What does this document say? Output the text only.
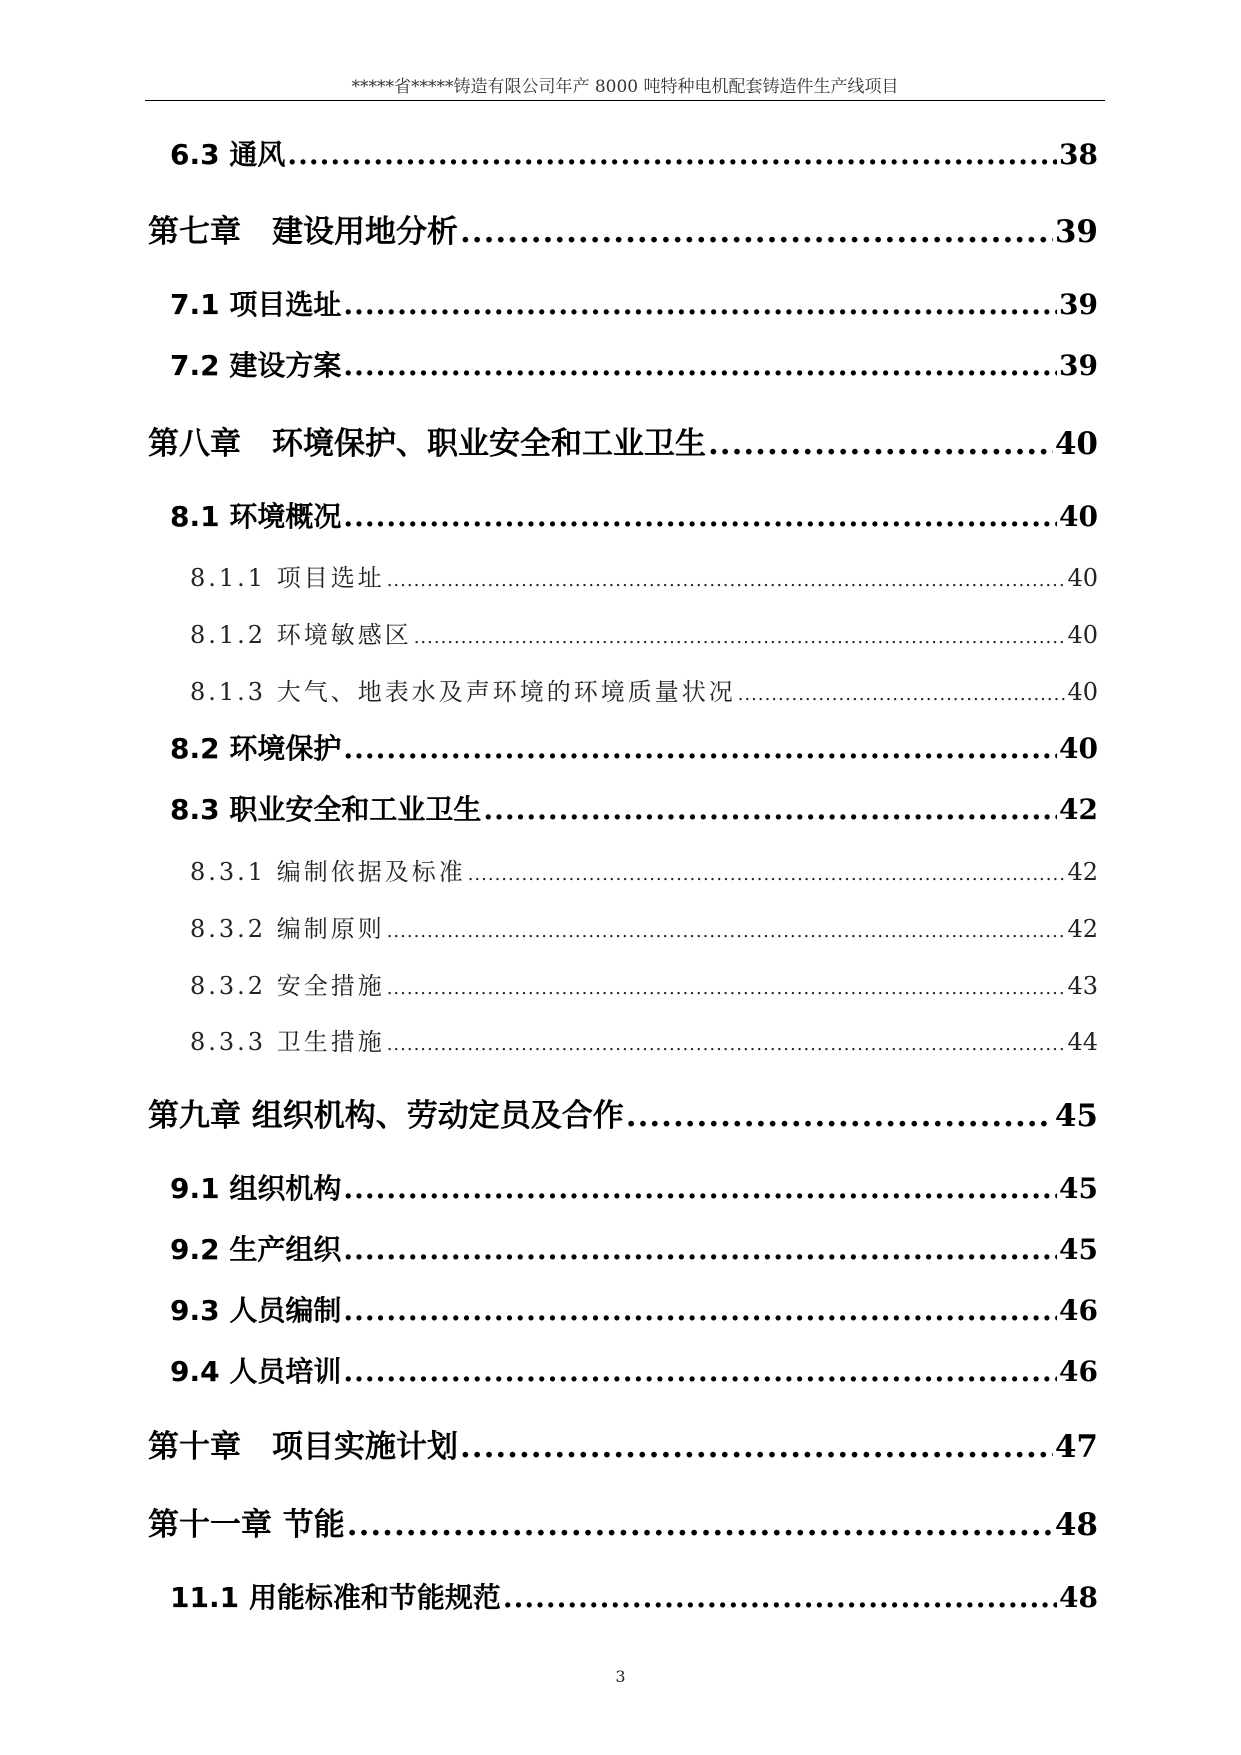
*****省*****铸造有限公司年产 8000 吨特种电机配套铸造件生产线项目
6.3 通风 .....	38
第七章　建设用地分析 .....	39
7.1 项目选址 .....	39
7.2 建设方案 .....	39
第八章　环境保护、职业安全和工业卫生 .....	40
8.1 环境概况 .....	40
8.1.1 项目选址 .....	40
8.1.2 环境敏感区 .....	40
8.1.3 大气、地表水及声环境的环境质量状况 .....	40
8.2 环境保护 .....	40
8.3 职业安全和工业卫生 .....	42
8.3.1 编制依据及标准 .....	42
8.3.2 编制原则 .....	42
8.3.2 安全措施 .....	43
8.3.3 卫生措施 .....	44
第九章 组织机构、劳动定员及合作 .....	45
9.1 组织机构 .....	45
9.2 生产组织 .....	45
9.3 人员编制 .....	46
9.4 人员培训 .....	46
第十章　项目实施计划 .....	47
第十一章 节能 .....	48
11.1 用能标准和节能规范 .....	48
3
